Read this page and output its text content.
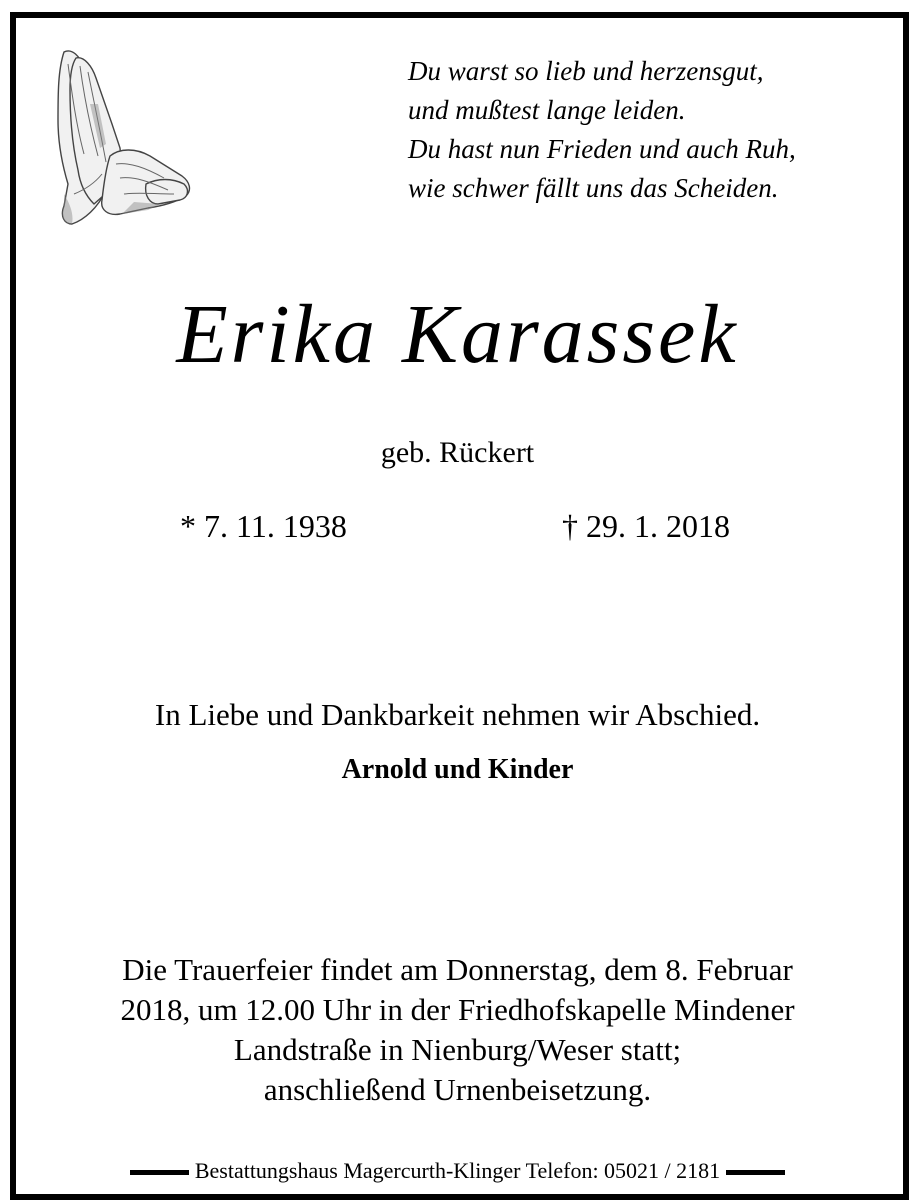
Du warst so lieb und herzensgut,
und mußtest lange leiden.
Du hast nun Frieden und auch Ruh,
wie schwer fällt uns das Scheiden.
Erika Karassek
geb. Rückert
* 7. 11. 1938	† 29. 1. 2018
In Liebe und Dankbarkeit nehmen wir Abschied.
Arnold und Kinder
Die Trauerfeier findet am Donnerstag, dem 8. Februar
2018, um 12.00 Uhr in der Friedhofskapelle Mindener
Landstraße in Nienburg/Weser statt;
anschließend Urnenbeisetzung.
Bestattungshaus Magercurth-Klinger Telefon: 05021 / 2181
